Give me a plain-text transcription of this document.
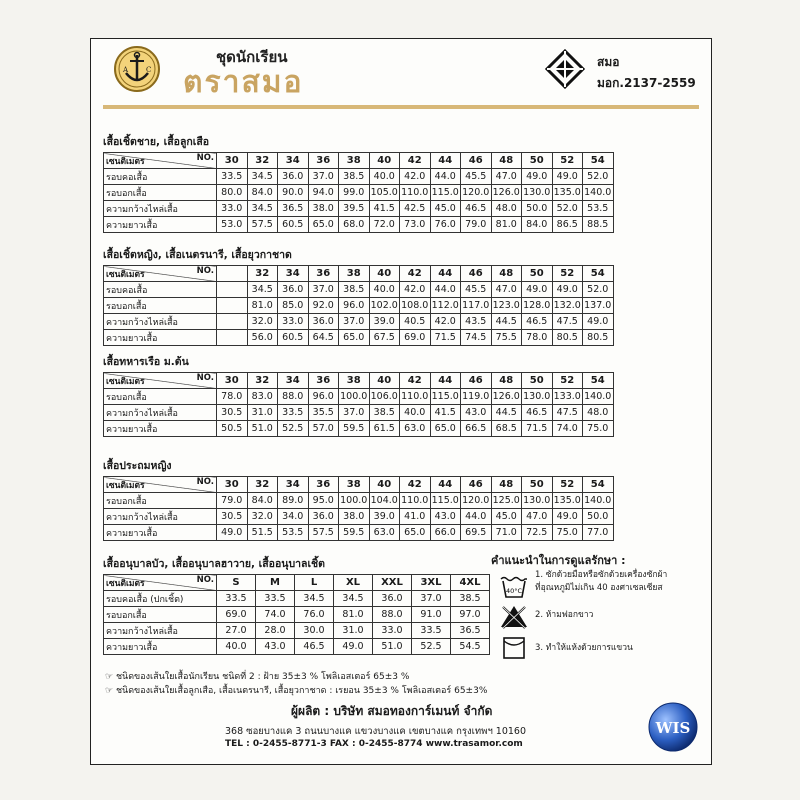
A	C
ชุดนักเรียน
ตราสมอ
สมอ
มอก.2137-2559
เสื้อเชิ้ตชาย, เสื้อลูกเสือ
เซนติเมตร NO.	30	32	34	36	38	40	42	44	46	48	50	52	54
รอบคอเสื้อ	33.5	34.5	36.0	37.0	38.5	40.0	42.0	44.0	45.5	47.0	49.0	49.0	52.0
รอบอกเสื้อ	80.0	84.0	90.0	94.0	99.0	105.0	110.0	115.0	120.0	126.0	130.0	135.0	140.0
ความกว้างไหล่เสื้อ	33.0	34.5	36.5	38.0	39.5	41.5	42.5	45.0	46.5	48.0	50.0	52.0	53.5
ความยาวเสื้อ	53.0	57.5	60.5	65.0	68.0	72.0	73.0	76.0	79.0	81.0	84.0	86.5	88.5
เสื้อเชิ้ตหญิง, เสื้อเนตรนารี, เสื้อยุวกาชาด
เซนติเมตร NO.		32	34	36	38	40	42	44	46	48	50	52	54
รอบคอเสื้อ		34.5	36.0	37.0	38.5	40.0	42.0	44.0	45.5	47.0	49.0	49.0	52.0
รอบอกเสื้อ		81.0	85.0	92.0	96.0	102.0	108.0	112.0	117.0	123.0	128.0	132.0	137.0
ความกว้างไหล่เสื้อ		32.0	33.0	36.0	37.0	39.0	40.5	42.0	43.5	44.5	46.5	47.5	49.0
ความยาวเสื้อ		56.0	60.5	64.5	65.0	67.5	69.0	71.5	74.5	75.5	78.0	80.5	80.5
เสื้อทหารเรือ ม.ต้น
เซนติเมตร NO.	30	32	34	36	38	40	42	44	46	48	50	52	54
รอบอกเสื้อ	78.0	83.0	88.0	96.0	100.0	106.0	110.0	115.0	119.0	126.0	130.0	133.0	140.0
ความกว้างไหล่เสื้อ	30.5	31.0	33.5	35.5	37.0	38.5	40.0	41.5	43.0	44.5	46.5	47.5	48.0
ความยาวเสื้อ	50.5	51.0	52.5	57.0	59.5	61.5	63.0	65.0	66.5	68.5	71.5	74.0	75.0
เสื้อประถมหญิง
เซนติเมตร NO.	30	32	34	36	38	40	42	44	46	48	50	52	54
รอบอกเสื้อ	79.0	84.0	89.0	95.0	100.0	104.0	110.0	115.0	120.0	125.0	130.0	135.0	140.0
ความกว้างไหล่เสื้อ	30.5	32.0	34.0	36.0	38.0	39.0	41.0	43.0	44.0	45.0	47.0	49.0	50.0
ความยาวเสื้อ	49.0	51.5	53.5	57.5	59.5	63.0	65.0	66.0	69.5	71.0	72.5	75.0	77.0
เสื้ออนุบาลบัว, เสื้ออนุบาลฮาวาย, เสื้ออนุบาลเชิ้ต
เซนติเมตร NO.	S	M	L	XL	XXL	3XL	4XL
รอบคอเสื้อ (ปกเชิ้ต)	33.5	33.5	34.5	34.5	36.0	37.0	38.5
รอบอกเสื้อ	69.0	74.0	76.0	81.0	88.0	91.0	97.0
ความกว้างไหล่เสื้อ	27.0	28.0	30.0	31.0	33.0	33.5	36.5
ความยาวเสื้อ	40.0	43.0	46.5	49.0	51.0	52.5	54.5
คำแนะนำในการดูแลรักษา :
40°C
1. ซักด้วยมือหรือซักด้วยเครื่องซักผ้า
ที่อุณหภูมิไม่เกิน 40 องศาเซลเซียส
2. ห้ามฟอกขาว
3. ทำให้แห้งด้วยการแขวน
☞ ชนิดของเส้นใยเสื้อนักเรียน ชนิดที่ 2 : ฝ้าย 35±3 % โพลิเอสเตอร์ 65±3 %
☞ ชนิดของเส้นใยเสื้อลูกเสือ, เสื้อเนตรนารี, เสื้อยุวกาชาด : เรยอน 35±3 % โพลิเอสเตอร์ 65±3%
ผู้ผลิต : บริษัท สมอทองการ์เมนท์ จำกัด
368 ซอยบางแค 3 ถนนบางแค แขวงบางแค เขตบางแค กรุงเทพฯ 10160
TEL : 0-2455-8771-3 FAX : 0-2455-8774 www.trasamor.com
WIS
